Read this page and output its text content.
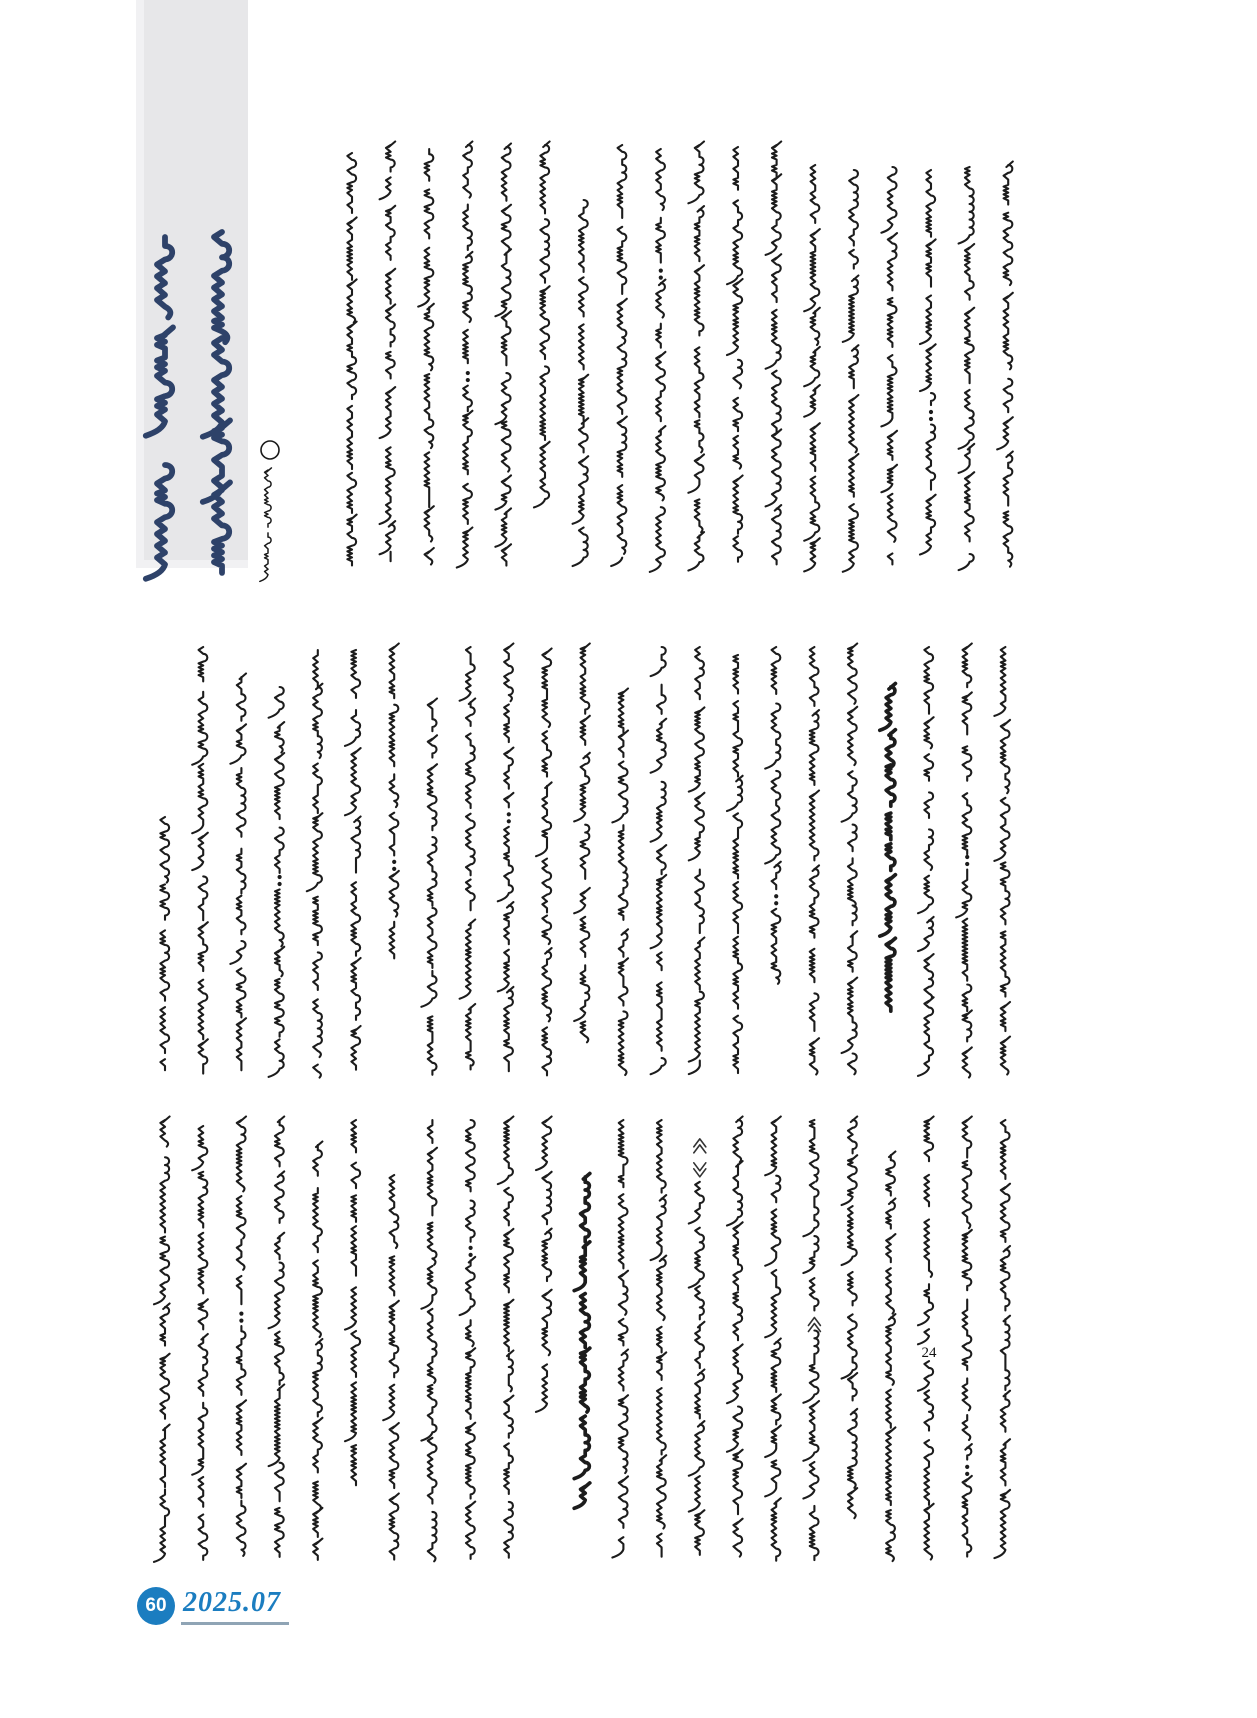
24
60 2025.07
